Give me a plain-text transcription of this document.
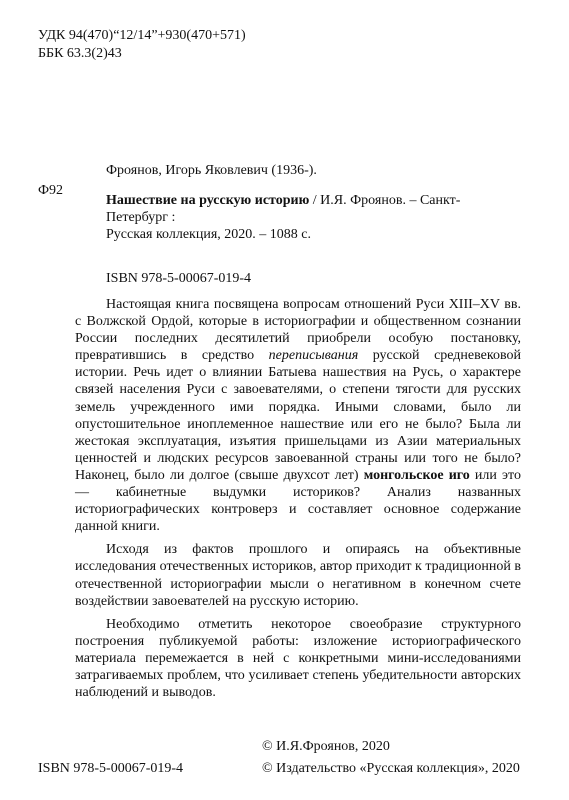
УДК 94(470)“12/14”+930(470+571)
ББК 63.3(2)43
Фроянов, Игорь Яковлевич (1936-).
Ф92
Нашествие на русскую историю / И.Я. Фроянов. – Санкт-Петербург :
Русская коллекция, 2020. – 1088 с.
ISBN 978-5-00067-019-4

Настоящая книга посвящена вопросам отношений Руси XIII–XV вв. с Волжской Ордой, которые в историографии и общественном сознании России последних десятилетий приобрели особую постановку, превратившись в средство переписывания русской средневековой истории. Речь идет о влиянии Батыева нашествия на Русь, о характере связей населения Руси с завоевателями, о степени тягости для русских земель учрежденного ими порядка. Иными словами, было ли опустошительное иноплеменное нашествие или его не было? Была ли жестокая эксплуатация, изъятия пришельцами из Азии материальных ценностей и людских ресурсов завоеванной страны или того не было? Наконец, было ли долгое (свыше двухсот лет) монгольское иго или это — кабинетные выдумки историков? Анализ названных историографических контроверз и составляет основное содержание данной книги.

Исходя из фактов прошлого и опираясь на объективные исследования отечественных историков, автор приходит к традиционной в отечественной историографии мысли о негативном в конечном счете воздействии завоевателей на русскую историю.

Необходимо отметить некоторое своеобразие структурного построения публикуемой работы: изложение историографического материала перемежается в ней с конкретными мини-исследованиями затрагиваемых проблем, что усиливает степень убедительности авторских наблюдений и выводов.

© И.Я.Фроянов, 2020
© Издательство «Русская коллекция», 2020
ISBN 978-5-00067-019-4
